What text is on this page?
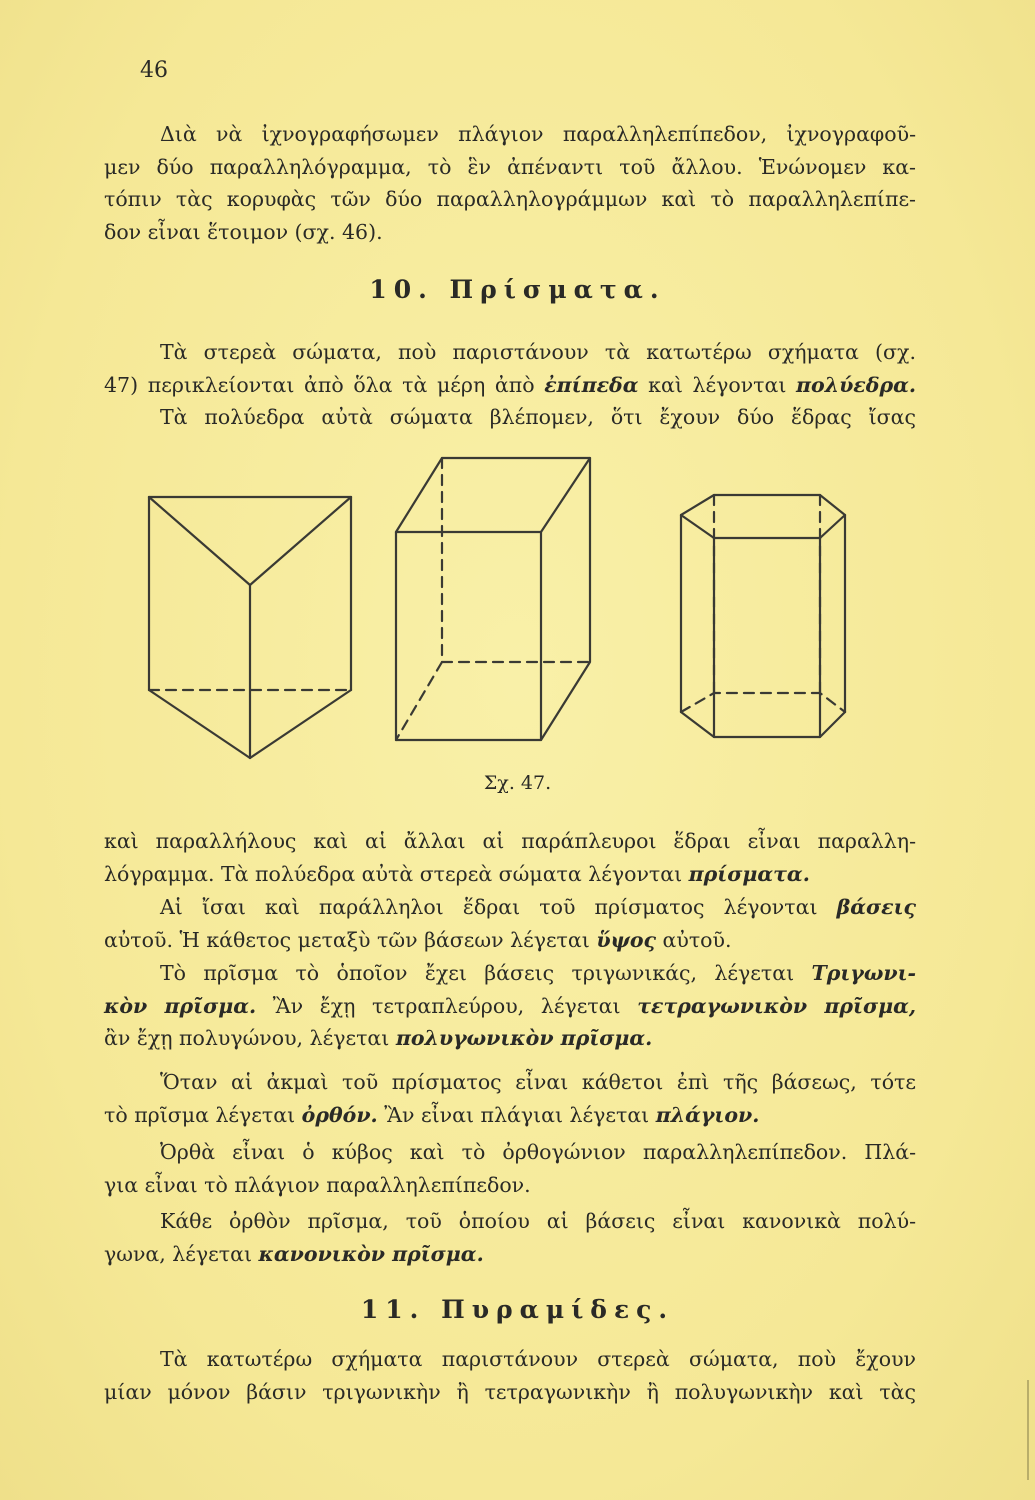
46
Διὰ νὰ ἰχνογραφήσωμεν πλάγιον παραλληλεπίπεδον, ἰχνογραφοῦ-
μεν δύο παραλληλόγραμμα, τὸ ἓν ἀπέναντι τοῦ ἄλλου. Ἑνώνομεν κα-
τόπιν τὰς κορυφὰς τῶν δύο παραλληλογράμμων καὶ τὸ παραλληλεπίπε-
δον εἶναι ἕτοιμον (σχ. 46).
10. Πρίσματα.
Τὰ στερεὰ σώματα, ποὺ παριστάνουν τὰ κατωτέρω σχήματα (σχ.
47) περικλείονται ἀπὸ ὅλα τὰ μέρη ἀπὸ ἐπίπεδα καὶ λέγονται πολύεδρα.
Τὰ πολύεδρα αὐτὰ σώματα βλέπομεν, ὅτι ἔχουν δύο ἕδρας ἴσας
Σχ. 47.
καὶ παραλλήλους καὶ αἱ ἄλλαι αἱ παράπλευροι ἕδραι εἶναι παραλλη-
λόγραμμα. Τὰ πολύεδρα αὐτὰ στερεὰ σώματα λέγονται πρίσματα.
Αἱ ἴσαι καὶ παράλληλοι ἕδραι τοῦ πρίσματος λέγονται βάσεις
αὐτοῦ. Ἡ κάθετος μεταξὺ τῶν βάσεων λέγεται ὕψος αὐτοῦ.
Τὸ πρῖσμα τὸ ὁποῖον ἔχει βάσεις τριγωνικάς, λέγεται Τριγωνι-
κὸν πρῖσμα. Ἂν ἔχῃ τετραπλεύρου, λέγεται τετραγωνικὸν πρῖσμα,
ἂν ἔχῃ πολυγώνου, λέγεται πολυγωνικὸν πρῖσμα.
Ὅταν αἱ ἀκμαὶ τοῦ πρίσματος εἶναι κάθετοι ἐπὶ τῆς βάσεως, τότε
τὸ πρῖσμα λέγεται ὀρθόν. Ἂν εἶναι πλάγιαι λέγεται πλάγιον.
Ὀρθὰ εἶναι ὁ κύβος καὶ τὸ ὀρθογώνιον παραλληλεπίπεδον. Πλά-
για εἶναι τὸ πλάγιον παραλληλεπίπεδον.
Κάθε ὀρθὸν πρῖσμα, τοῦ ὁποίου αἱ βάσεις εἶναι κανονικὰ πολύ-
γωνα, λέγεται κανονικὸν πρῖσμα.
11. Πυραμίδες.
Τὰ κατωτέρω σχήματα παριστάνουν στερεὰ σώματα, ποὺ ἔχουν
μίαν μόνον βάσιν τριγωνικὴν ἢ τετραγωνικὴν ἢ πολυγωνικὴν καὶ τὰς
